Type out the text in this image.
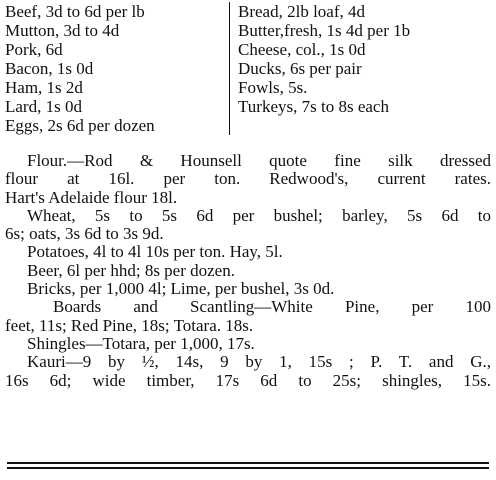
Beef, 3d to 6d per lb
Mutton, 3d to 4d
Pork, 6d
Bacon, 1s 0d
Ham, 1s 2d
Lard, 1s 0d
Eggs, 2s 6d per dozen
Bread, 2lb loaf, 4d
Butter,fresh, 1s 4d per 1b
Cheese, col., 1s 0d
Ducks, 6s per pair
Fowls, 5s.
Turkeys, 7s to 8s each
Flour.—Rod & Hounsell quote fine silk dressed
flour at 16l. per ton. Redwood's, current rates.
Hart's Adelaide flour 18l.
Wheat, 5s to 5s 6d per bushel; barley, 5s 6d to
6s; oats, 3s 6d to 3s 9d.
Potatoes, 4l to 4l 10s per ton. Hay, 5l.
Beer, 6l per hhd; 8s per dozen.
Bricks, per 1,000 4l; Lime, per bushel, 3s 0d.
Boards and Scantling—White Pine, per 100
feet, 11s; Red Pine, 18s; Totara. 18s.
Shingles—Totara, per 1,000, 17s.
Kauri—9 by ½, 14s, 9 by 1, 15s ; P. T. and G.,
16s 6d; wide timber, 17s 6d to 25s; shingles, 15s.
